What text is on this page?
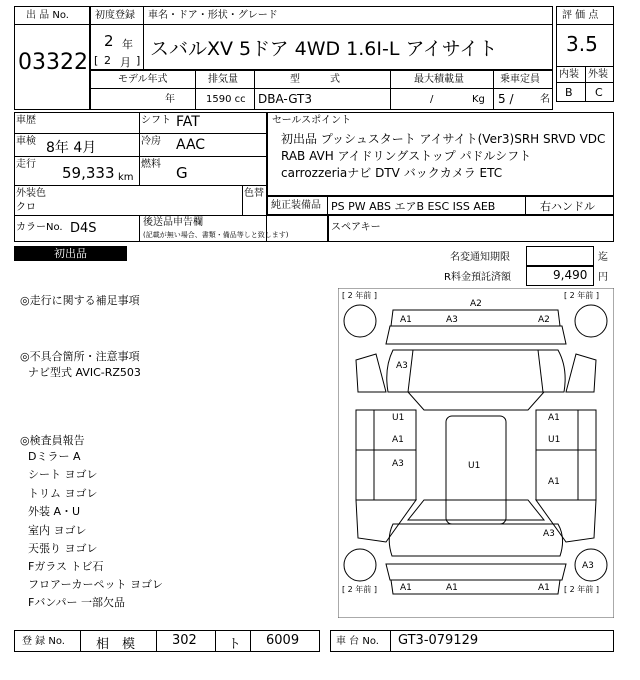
出 品 No.
03322
初度登録
2 年
[ 2 月 ]
車名・ドア・形状・グレード
スバルXV 5ドア 4WD 1.6I-L アイサイト
モデル年式
年
排気量
1590 cc
型　　　式
DBA-GT3
最大積載量
/	Kg
乗車定員
5 /	名
評 価 点
3.5
内装 外装
B C
車歴	シフト FAT
車検 8年 4月	冷房 AAC
走行 59,333 km
燃料 G
外装色	色替
クロ
カラーNo. D4S	後送品申告欄
(記載が無い場合、書類・備品等しと致します)
セールスポイント
初出品 プッシュスタート アイサイト(Ver3)SRH SRVD VDC
RAB AVH アイドリングストップ パドルシフト
carrozzeriaナビ DTV バックカメラ ETC
純正装備品 PS PW ABS エアB ESC ISS AEB	右ハンドル
スペアキー
初出品	名変通知期限	迄
R料金預託済額	9,490 円
◎走行に関する補足事項
◎不具合箇所・注意事項
ナビ型式 AVIC-RZ503
◎検査員報告
Dミラー A
シート ヨゴレ
トリム ヨゴレ
外装 A・U
室内 ヨゴレ
天張り ヨゴレ
Fガラス トビ石
フロアーカーペット ヨゴレ
Fバンパー 一部欠品
[ 2 年前 ]	[ 2 年前 ]
[ 2 年前 ]	[ 2 年前 ]
A2
A1	A3	A2
A3
U1
A1
A3	U1
A1
U1
A1
A3
A3
A1	A1	A1
登 録 No. 相　模	302 ト 6009	車 台 No. GT3-079129
